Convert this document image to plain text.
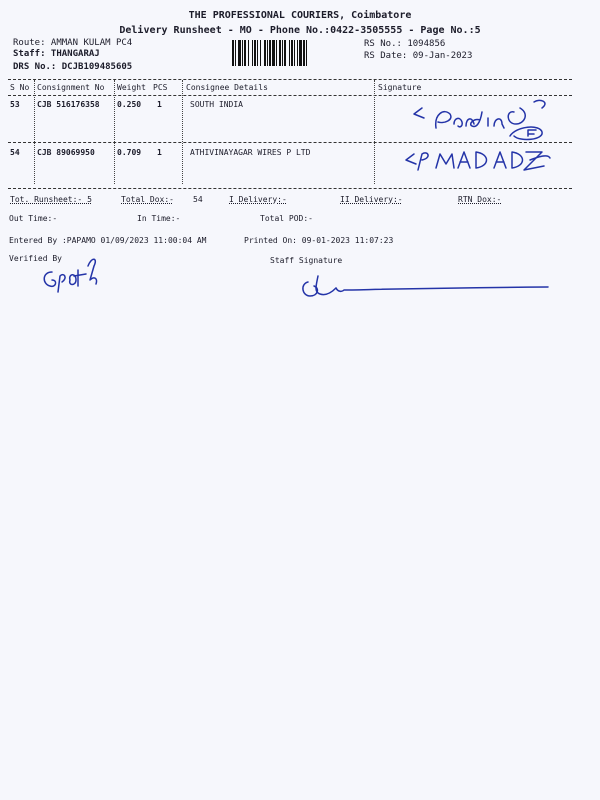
THE PROFESSIONAL COURIERS, Coimbatore
Delivery Runsheet - MO - Phone No.:0422-3505555 - Page No.:5
Route: AMMAN KULAM PC4
Staff: THANGARAJ
DRS No.: DCJB109485605
RS No.: 1094856
RS Date: 09-Jan-2023
S No Consignment No Weight PCS Consignee Details	Signature
53 CJB 516176358 0.250 1	SOUTH INDIA
54 CJB 89069950	0.709 1	ATHIVINAYAGAR WIRES P LTD
Tot. Runsheet:- 5	Total Dox:- 54	I Delivery:-	II Delivery:-	RTN Dox:-
Out Time:-	In Time:-	Total POD:-
Entered By :PAPAMO 01/09/2023 11:00:04 AM	Printed On: 09-01-2023 11:07:23
Verified By	Staff Signature
